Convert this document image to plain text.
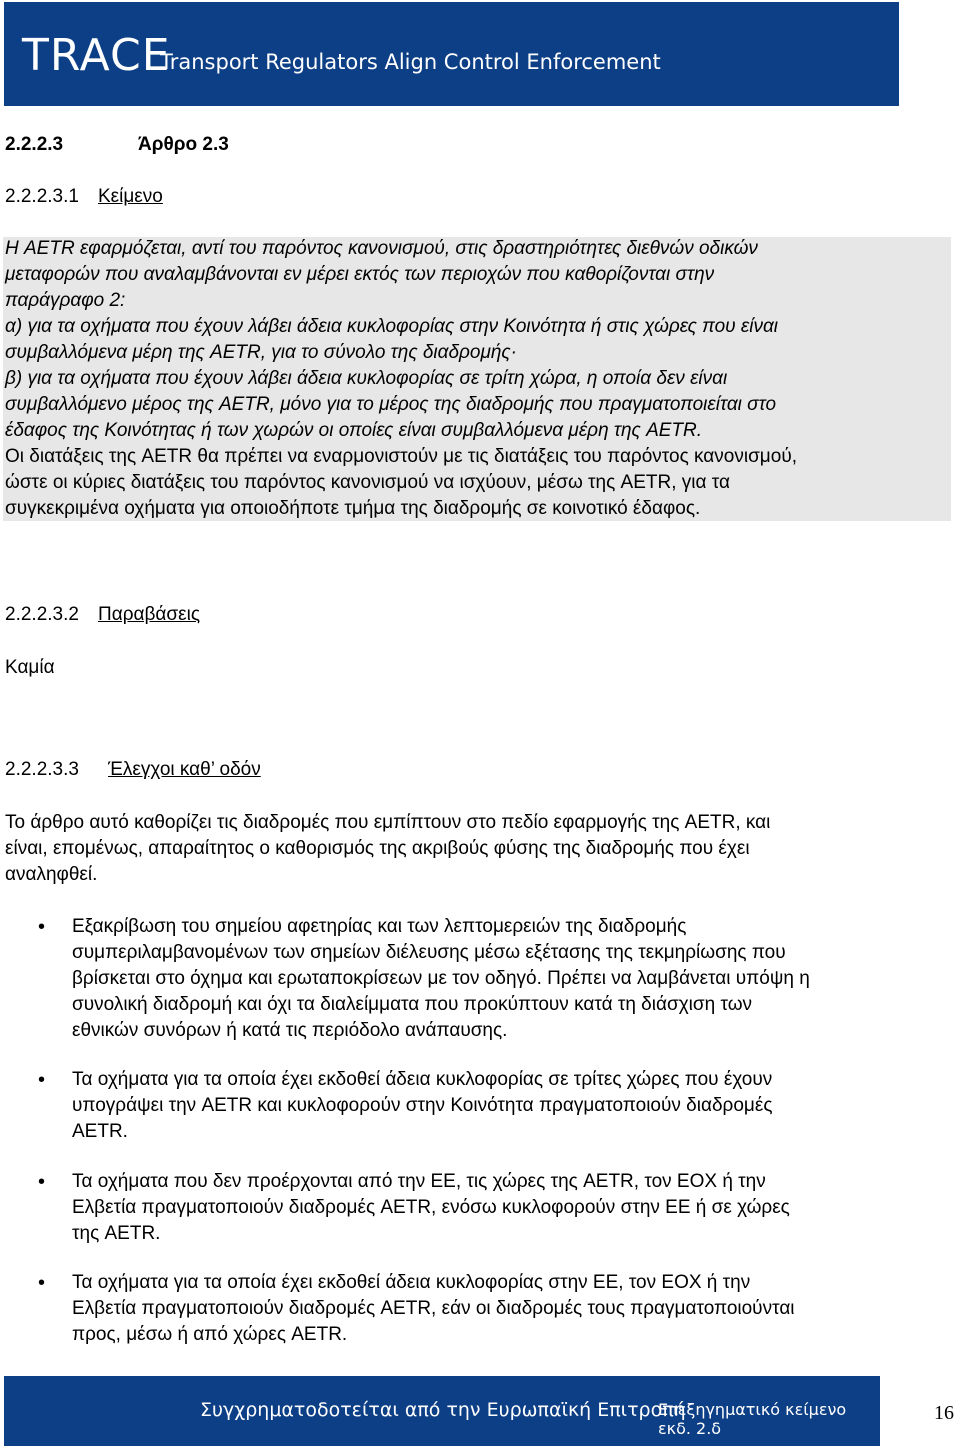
TRACE
Transport Regulators Align Control Enforcement
2.2.2.3	Άρθρο 2.3
2.2.2.3.1 Κείμενο
Η AETR εφαρμόζεται, αντί του παρόντος κανονισμού, στις δραστηριότητες διεθνών οδικών
μεταφορών που αναλαμβάνονται εν μέρει εκτός των περιοχών που καθορίζονται στην
παράγραφο 2:
α) για τα οχήματα που έχουν λάβει άδεια κυκλοφορίας στην Κοινότητα ή στις χώρες που είναι
συμβαλλόμενα μέρη της AETR, για το σύνολο της διαδρομής·
β) για τα οχήματα που έχουν λάβει άδεια κυκλοφορίας σε τρίτη χώρα, η οποία δεν είναι
συμβαλλόμενο μέρος της AETR, μόνο για το μέρος της διαδρομής που πραγματοποιείται στο
έδαφος της Κοινότητας ή των χωρών οι οποίες είναι συμβαλλόμενα μέρη της AETR.
Οι διατάξεις της AETR θα πρέπει να εναρμονιστούν με τις διατάξεις του παρόντος κανονισμού,
ώστε οι κύριες διατάξεις του παρόντος κανονισμού να ισχύουν, μέσω της AETR, για τα
συγκεκριμένα οχήματα για οποιοδήποτε τμήμα της διαδρομής σε κοινοτικό έδαφος.
2.2.2.3.2 Παραβάσεις
Καμία
2.2.2.3.3 Έλεγχοι καθ’ οδόν
Το άρθρο αυτό καθορίζει τις διαδρομές που εμπίπτουν στο πεδίο εφαρμογής της AETR, και
είναι, επομένως, απαραίτητος ο καθορισμός της ακριβούς φύσης της διαδρομής που έχει
αναληφθεί.
• Εξακρίβωση του σημείου αφετηρίας και των λεπτομερειών της διαδρομής
συμπεριλαμβανομένων των σημείων διέλευσης μέσω εξέτασης της τεκμηρίωσης που
βρίσκεται στο όχημα και ερωταποκρίσεων με τον οδηγό. Πρέπει να λαμβάνεται υπόψη η
συνολική διαδρομή και όχι τα διαλείμματα που προκύπτουν κατά τη διάσχιση των
εθνικών συνόρων ή κατά τις περιόδολο ανάπαυσης.
• Τα οχήματα για τα οποία έχει εκδοθεί άδεια κυκλοφορίας σε τρίτες χώρες που έχουν
υπογράψει την AETR και κυκλοφορούν στην Κοινότητα πραγματοποιούν διαδρομές
AETR.
• Τα οχήματα που δεν προέρχονται από την ΕΕ, τις χώρες της AETR, τον ΕΟΧ ή την
Ελβετία πραγματοποιούν διαδρομές AETR, ενόσω κυκλοφορούν στην ΕΕ ή σε χώρες
της AETR.
• Τα οχήματα για τα οποία έχει εκδοθεί άδεια κυκλοφορίας στην ΕΕ, τον ΕΟΧ ή την
Ελβετία πραγματοποιούν διαδρομές AETR, εάν οι διαδρομές τους πραγματοποιούνται
προς, μέσω ή από χώρες AETR.
Συγχρηματοδοτείται από την Ευρωπαϊκή Επιτροπή
Επεξηγηματικό κείμενο εκδ. 2.δ
16
